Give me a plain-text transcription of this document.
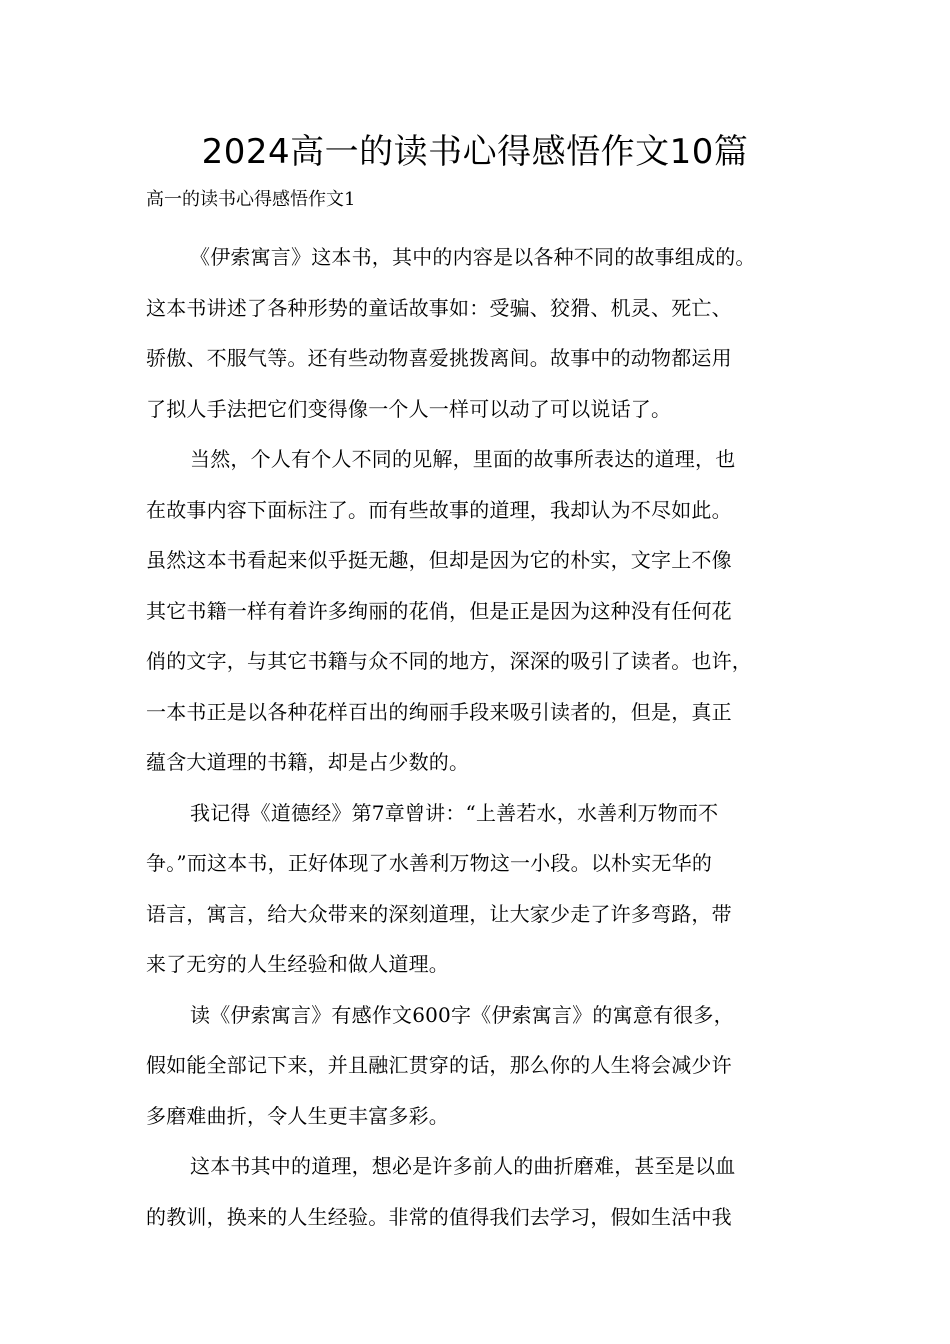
2024高一的读书心得感悟作文10篇
高一的读书心得感悟作文1
《伊索寓言》这本书，其中的内容是以各种不同的故事组成的。
这本书讲述了各种形势的童话故事如：受骗、狡猾、机灵、死亡、
骄傲、不服气等。还有些动物喜爱挑拨离间。故事中的动物都运用
了拟人手法把它们变得像一个人一样可以动了可以说话了。
当然，个人有个人不同的见解，里面的故事所表达的道理，也
在故事内容下面标注了。而有些故事的道理，我却认为不尽如此。
虽然这本书看起来似乎挺无趣，但却是因为它的朴实，文字上不像
其它书籍一样有着许多绚丽的花俏，但是正是因为这种没有任何花
俏的文字，与其它书籍与众不同的地方，深深的吸引了读者。也许，
一本书正是以各种花样百出的绚丽手段来吸引读者的，但是，真正
蕴含大道理的书籍，却是占少数的。
我记得《道德经》第7章曾讲：“上善若水，水善利万物而不
争。”而这本书，正好体现了水善利万物这一小段。以朴实无华的
语言，寓言，给大众带来的深刻道理，让大家少走了许多弯路，带
来了无穷的人生经验和做人道理。
读《伊索寓言》有感作文600字《伊索寓言》的寓意有很多，
假如能全部记下来，并且融汇贯穿的话，那么你的人生将会减少许
多磨难曲折，令人生更丰富多彩。
这本书其中的道理，想必是许多前人的曲折磨难，甚至是以血
的教训，换来的人生经验。非常的值得我们去学习，假如生活中我
